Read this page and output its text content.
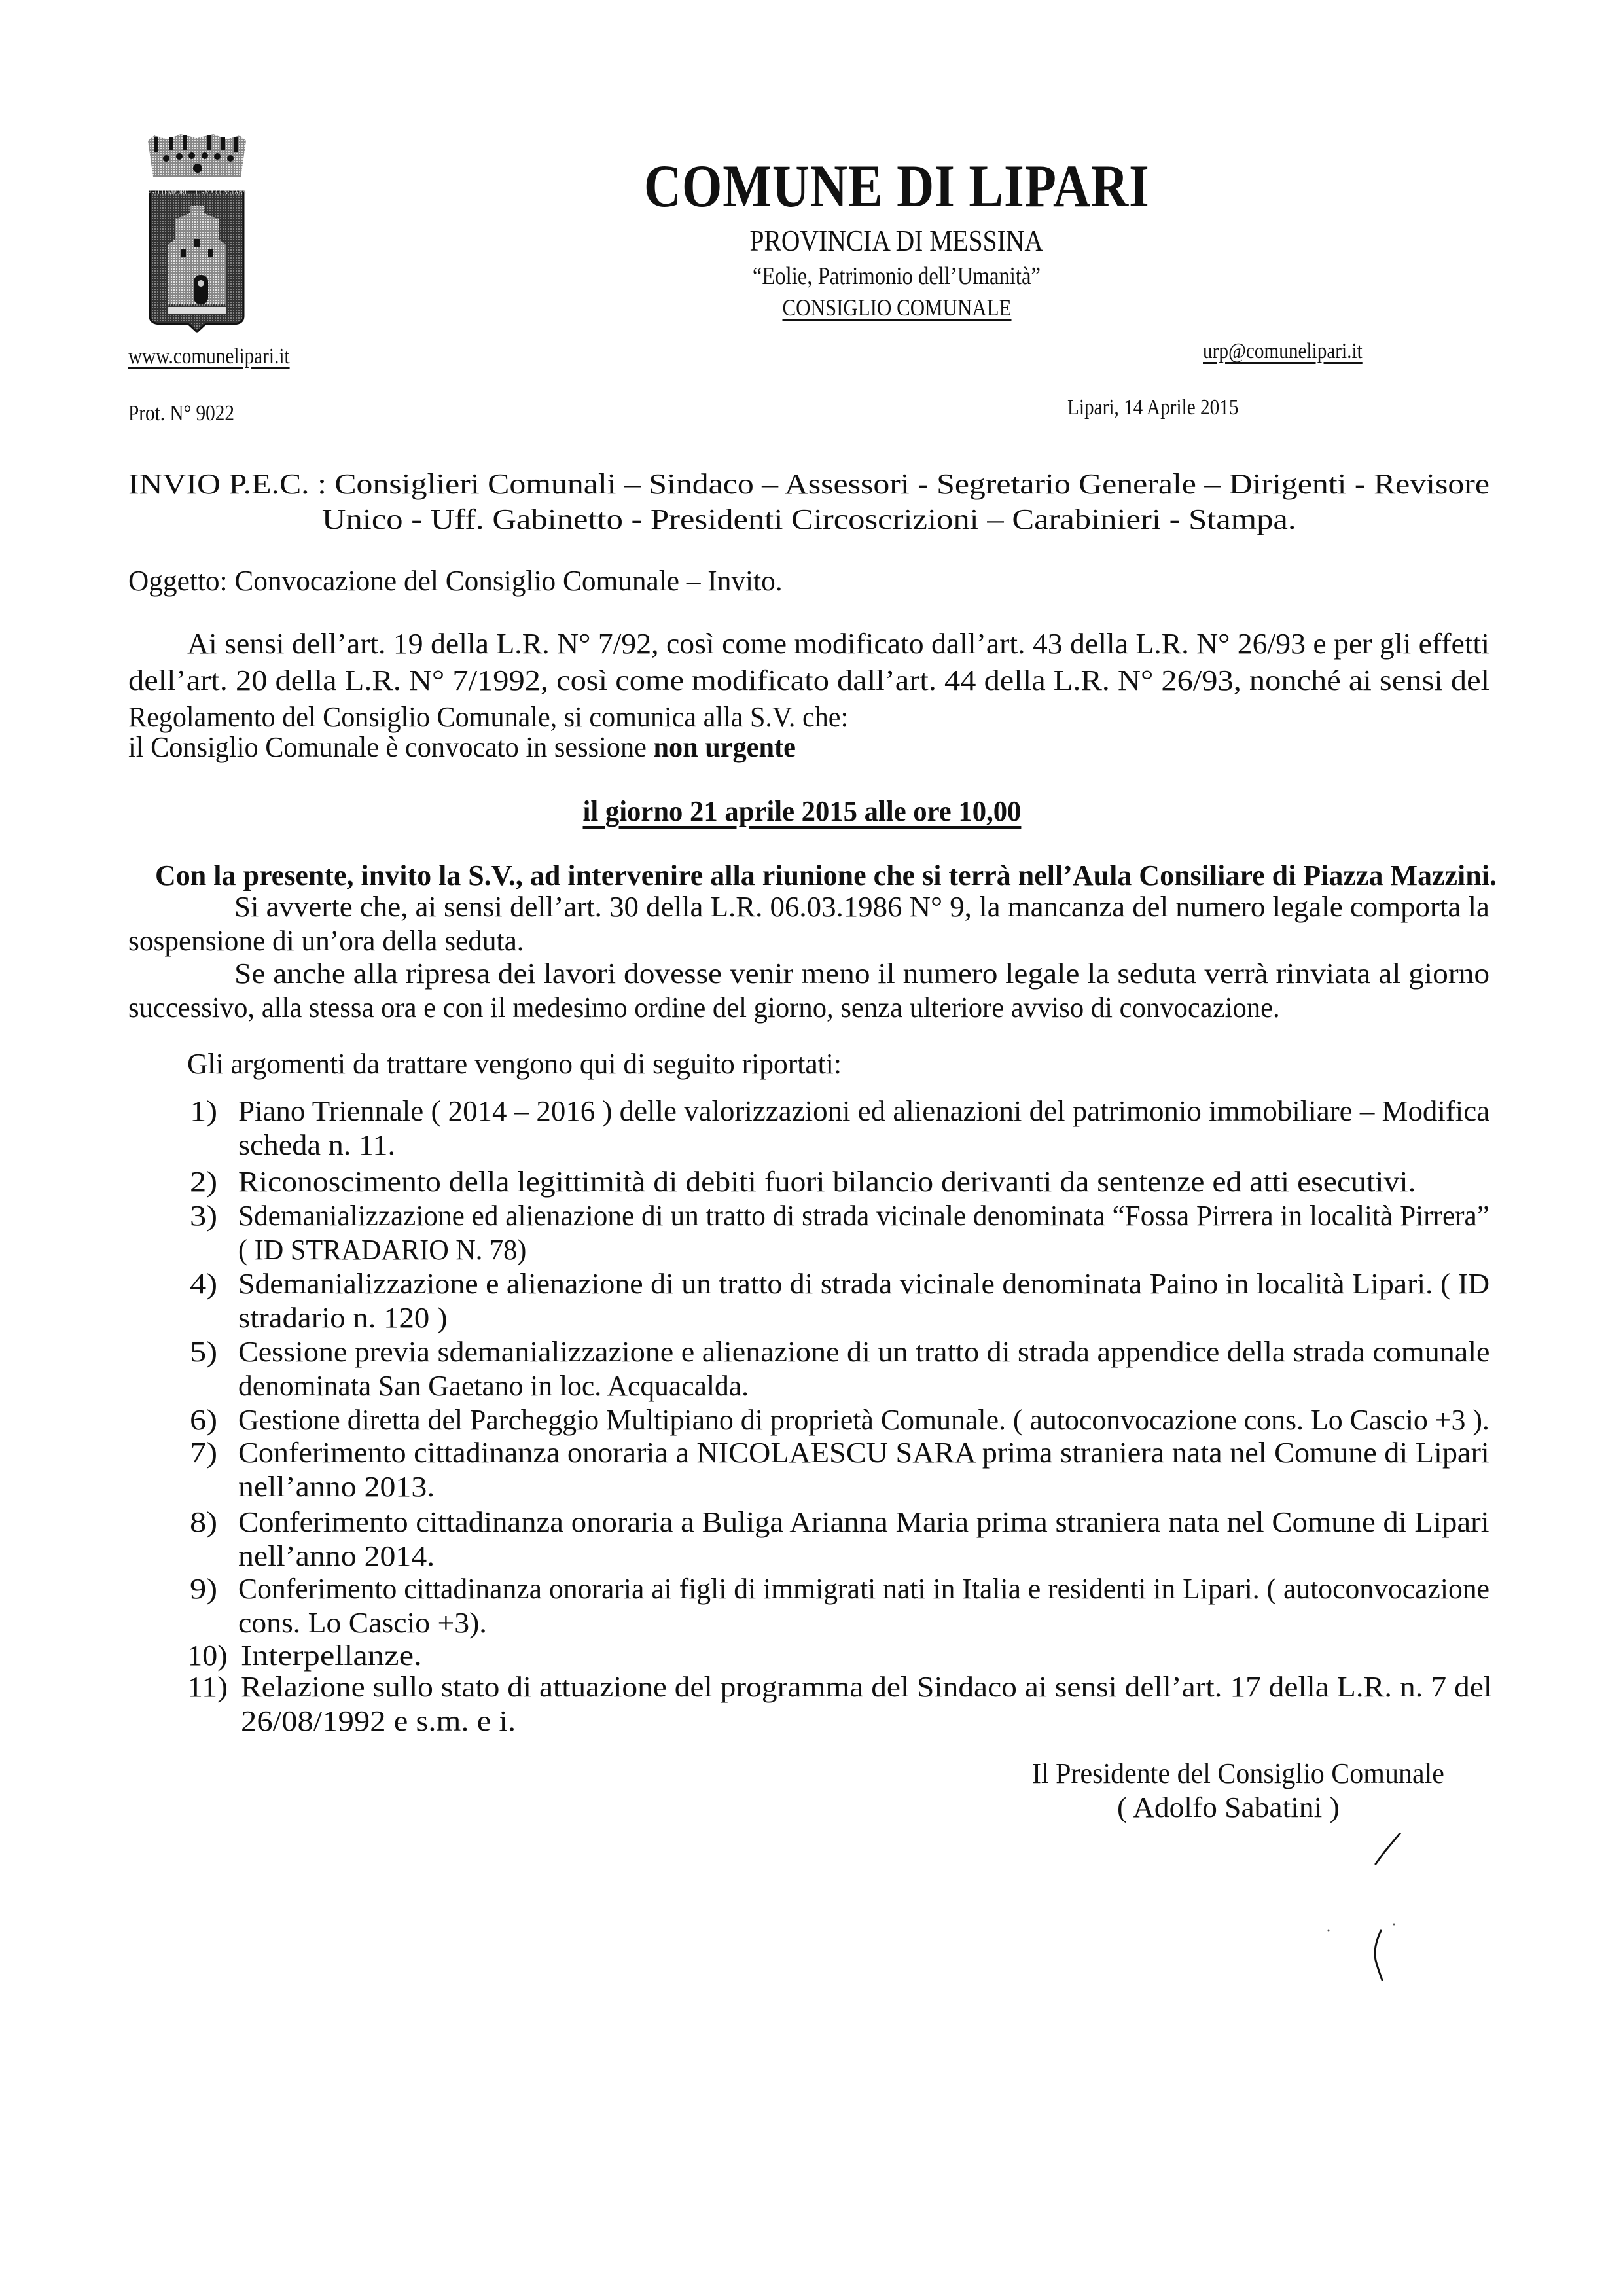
PRO TEMPORE ... FIRMA CONSTANS	COMUNE DI LIPARI
PROVINCIA DI MESSINA
“Eolie, Patrimonio dell’Umanità”
CONSIGLIO COMUNALE
www.comunelipari.it	urp@comunelipari.it
Prot. N° 9022	Lipari, 14 Aprile 2015
INVIO P.E.C. : Consiglieri Comunali – Sindaco – Assessori - Segretario Generale – Dirigenti - Revisore
Unico - Uff. Gabinetto - Presidenti Circoscrizioni – Carabinieri - Stampa.
Oggetto: Convocazione del Consiglio Comunale – Invito.
Ai sensi dell’art. 19 della L.R. N° 7/92, così come modificato dall’art. 43 della L.R. N° 26/93 e per gli effetti
dell’art. 20 della L.R. N° 7/1992, così come modificato dall’art. 44 della L.R. N° 26/93, nonché ai sensi del
Regolamento del Consiglio Comunale, si comunica alla S.V. che:
il Consiglio Comunale è convocato in sessione non urgente
il giorno 21 aprile 2015 alle ore 10,00
Con la presente, invito la S.V., ad intervenire alla riunione che si terrà nell’Aula Consiliare di Piazza Mazzini.
Si avverte che, ai sensi dell’art. 30 della L.R. 06.03.1986 N° 9, la mancanza del numero legale comporta la
sospensione di un’ora della seduta.
Se anche alla ripresa dei lavori dovesse venir meno il numero legale la seduta verrà rinviata al giorno
successivo, alla stessa ora e con il medesimo ordine del giorno, senza ulteriore avviso di convocazione.
Gli argomenti da trattare vengono qui di seguito riportati:
1) Piano Triennale ( 2014 – 2016 ) delle valorizzazioni ed alienazioni del patrimonio immobiliare – Modifica
scheda n. 11.
2) Riconoscimento della legittimità di debiti fuori bilancio derivanti da sentenze ed atti esecutivi.
3) Sdemanializzazione ed alienazione di un tratto di strada vicinale denominata “Fossa Pirrera in località Pirrera”
( ID STRADARIO N. 78)
4) Sdemanializzazione e alienazione di un tratto di strada vicinale denominata Paino in località Lipari. ( ID
stradario n. 120 )
5) Cessione previa sdemanializzazione e alienazione di un tratto di strada appendice della strada comunale
denominata San Gaetano in loc. Acquacalda.
6) Gestione diretta del Parcheggio Multipiano di proprietà Comunale. ( autoconvocazione cons. Lo Cascio +3 ).
7) Conferimento cittadinanza onoraria a NICOLAESCU SARA prima straniera nata nel Comune di Lipari
nell’anno 2013.
8) Conferimento cittadinanza onoraria a Buliga Arianna Maria prima straniera nata nel Comune di Lipari
nell’anno 2014.
9) Conferimento cittadinanza onoraria ai figli di immigrati nati in Italia e residenti in Lipari. ( autoconvocazione
cons. Lo Cascio +3).
10) Interpellanze.
11) Relazione sullo stato di attuazione del programma del Sindaco ai sensi dell’art. 17 della L.R. n. 7 del
26/08/1992 e s.m. e i.
Il Presidente del Consiglio Comunale
( Adolfo Sabatini )
